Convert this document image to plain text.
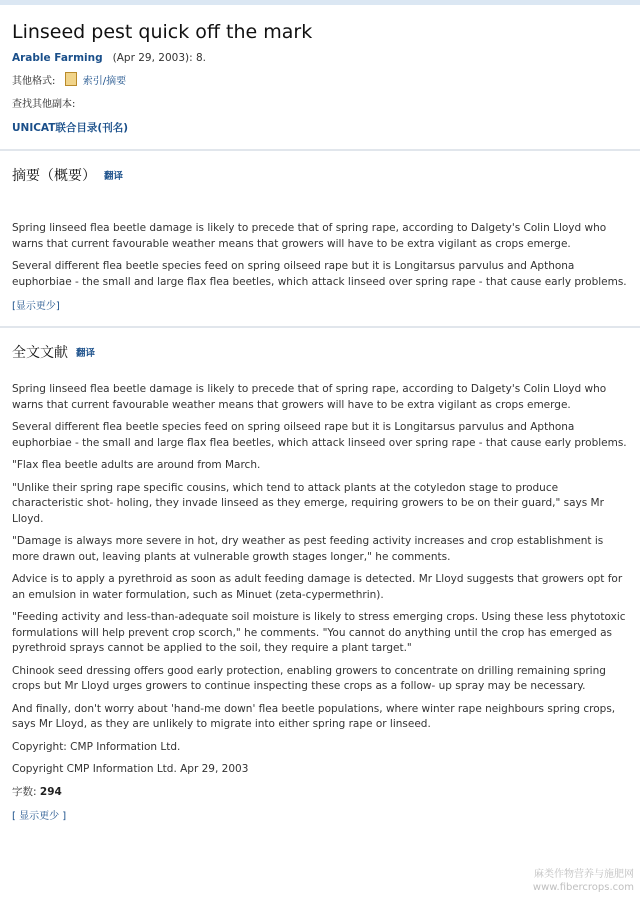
Linseed pest quick off the mark
Arable Farming (Apr 29, 2003): 8.
其他格式:	索引/摘要
查找其他副本:
UNICAT联合目录(刊名)
摘要（概要） 翻译

Spring linseed flea beetle damage is likely to precede that of spring rape, according to Dalgety's Colin Lloyd who warns that current favourable weather means that growers will have to be extra vigilant as crops emerge.

Several different flea beetle species feed on spring oilseed rape but it is Longitarsus parvulus and Apthona euphorbiae - the small and large flax flea beetles, which attack linseed over spring rape - that cause early problems.

[显示更少]
全文文献 翻译

Spring linseed flea beetle damage is likely to precede that of spring rape, according to Dalgety's Colin Lloyd who warns that current favourable weather means that growers will have to be extra vigilant as crops emerge.

Several different flea beetle species feed on spring oilseed rape but it is Longitarsus parvulus and Apthona euphorbiae - the small and large flax flea beetles, which attack linseed over spring rape - that cause early problems.

"Flax flea beetle adults are around from March.

"Unlike their spring rape specific cousins, which tend to attack plants at the cotyledon stage to produce characteristic shot- holing, they invade linseed as they emerge, requiring growers to be on their guard," says Mr Lloyd.

"Damage is always more severe in hot, dry weather as pest feeding activity increases and crop establishment is more drawn out, leaving plants at vulnerable growth stages longer," he comments.

Advice is to apply a pyrethroid as soon as adult feeding damage is detected. Mr Lloyd suggests that growers opt for an emulsion in water formulation, such as Minuet (zeta-cypermethrin).

"Feeding activity and less-than-adequate soil moisture is likely to stress emerging crops. Using these less phytotoxic formulations will help prevent crop scorch," he comments. "You cannot do anything until the crop has emerged as pyrethroid sprays cannot be applied to the soil, they require a plant target."

Chinook seed dressing offers good early protection, enabling growers to concentrate on drilling remaining spring crops but Mr Lloyd urges growers to continue inspecting these crops as a follow- up spray may be necessary.

And finally, don't worry about 'hand-me down' flea beetle populations, where winter rape neighbours spring crops, says Mr Lloyd, as they are unlikely to migrate into either spring rape or linseed.

Copyright: CMP Information Ltd.

Copyright CMP Information Ltd. Apr 29, 2003

字数: 294

[ 显示更少 ]
麻类作物营养与施肥网
www.fibercrops.com
